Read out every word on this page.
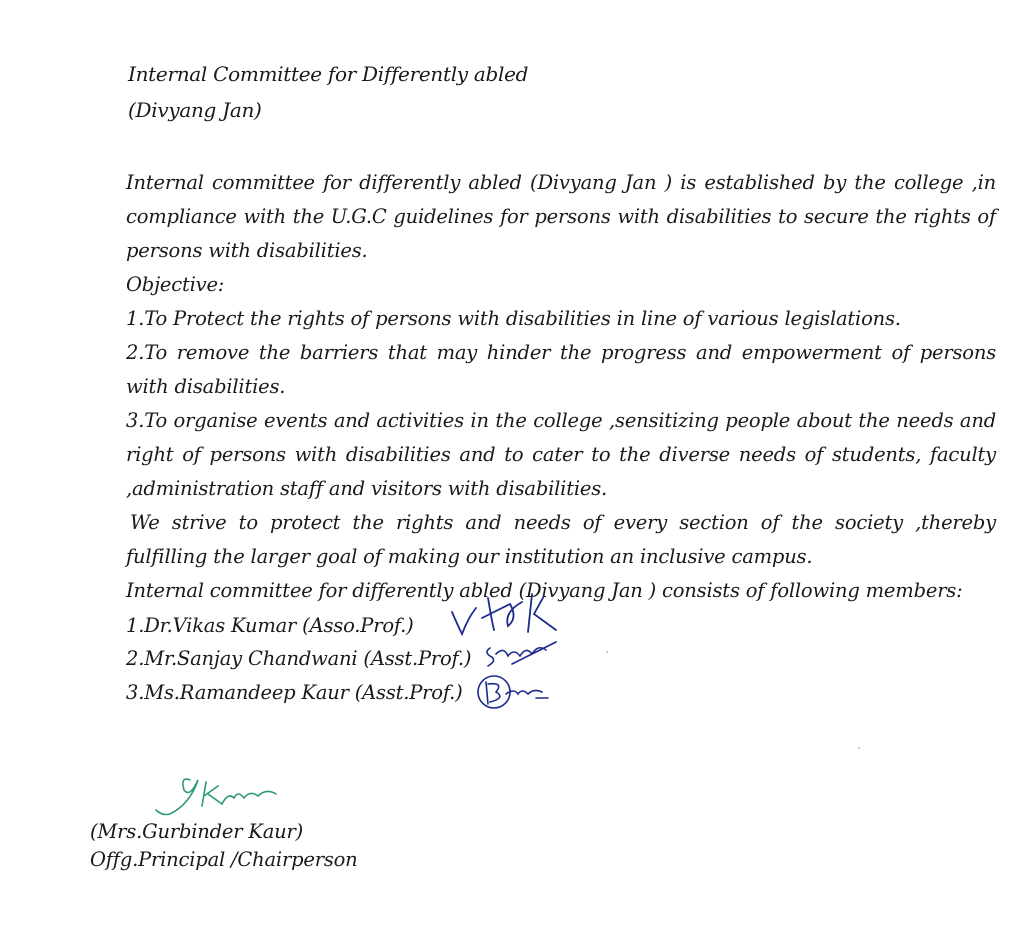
Internal Committee for Differently abled
(Divyang Jan)

Internal committee for differently abled (Divyang Jan ) is established by the college ,in compliance with the U.G.C guidelines for persons with disabilities to secure the rights of persons with disabilities.

Objective:

1.To Protect the rights of persons with disabilities in line of various legislations.

2.To remove the barriers that may hinder the progress and empowerment of persons with disabilities.

3.To organise events and activities in the college ,sensitizing people about the needs and right of persons with disabilities and to cater to the diverse needs of students, faculty ,administration staff and visitors with disabilities.

We strive to protect the rights and needs of every section of the society ,thereby fulfilling the larger goal of making our institution an inclusive campus.

Internal committee for differently abled (Divyang Jan ) consists of following members:

1.Dr.Vikas Kumar (Asso.Prof.)
2.Mr.Sanjay Chandwani (Asst.Prof.)
3.Ms.Ramandeep Kaur (Asst.Prof.)
(Mrs.Gurbinder Kaur)
Offg.Principal /Chairperson
